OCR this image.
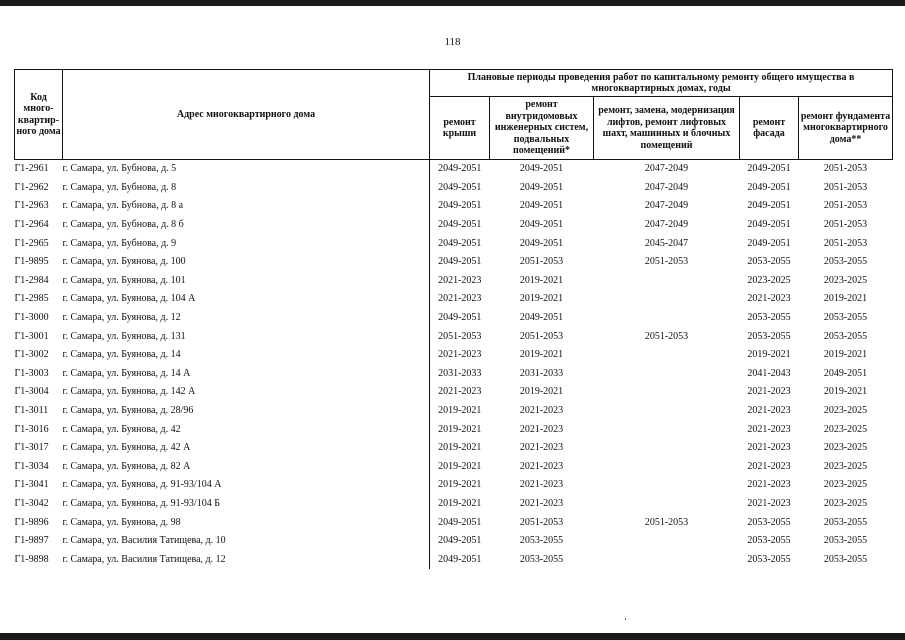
118
Код много-квартир-ного дома	Адрес многоквартирного дома	Плановые периоды проведения работ по капитальному ремонту общего имущества в многоквартирных домах, годы				
		ремонт крыши	ремонт внутридомовых инженерных систем, подвальных помещений*	ремонт, замена, модернизация лифтов, ремонт лифтовых шахт, машинных и блочных помещений	ремонт фасада	ремонт фундамента многоквартирного дома**
Г1-2961	г. Самара, ул. Бубнова, д. 5	2049-2051	2049-2051	2047-2049	2049-2051	2051-2053
Г1-2962	г. Самара, ул. Бубнова, д. 8	2049-2051	2049-2051	2047-2049	2049-2051	2051-2053
Г1-2963	г. Самара, ул. Бубнова, д. 8 а	2049-2051	2049-2051	2047-2049	2049-2051	2051-2053
Г1-2964	г. Самара, ул. Бубнова, д. 8 б	2049-2051	2049-2051	2047-2049	2049-2051	2051-2053
Г1-2965	г. Самара, ул. Бубнова, д. 9	2049-2051	2049-2051	2045-2047	2049-2051	2051-2053
Г1-9895	г. Самара, ул. Буянова, д. 100	2049-2051	2051-2053	2051-2053	2053-2055	2053-2055
Г1-2984	г. Самара, ул. Буянова, д. 101	2021-2023	2019-2021		2023-2025	2023-2025
Г1-2985	г. Самара, ул. Буянова, д. 104 А	2021-2023	2019-2021		2021-2023	2019-2021
Г1-3000	г. Самара, ул. Буянова, д. 12	2049-2051	2049-2051		2053-2055	2053-2055
Г1-3001	г. Самара, ул. Буянова, д. 131	2051-2053	2051-2053	2051-2053	2053-2055	2053-2055
Г1-3002	г. Самара, ул. Буянова, д. 14	2021-2023	2019-2021		2019-2021	2019-2021
Г1-3003	г. Самара, ул. Буянова, д. 14 А	2031-2033	2031-2033		2041-2043	2049-2051
Г1-3004	г. Самара, ул. Буянова, д. 142 А	2021-2023	2019-2021		2021-2023	2019-2021
Г1-3011	г. Самара, ул. Буянова, д. 28/96	2019-2021	2021-2023		2021-2023	2023-2025
Г1-3016	г. Самара, ул. Буянова, д. 42	2019-2021	2021-2023		2021-2023	2023-2025
Г1-3017	г. Самара, ул. Буянова, д. 42 А	2019-2021	2021-2023		2021-2023	2023-2025
Г1-3034	г. Самара, ул. Буянова, д. 82 А	2019-2021	2021-2023		2021-2023	2023-2025
Г1-3041	г. Самара, ул. Буянова, д. 91-93/104 А	2019-2021	2021-2023		2021-2023	2023-2025
Г1-3042	г. Самара, ул. Буянова, д. 91-93/104 Б	2019-2021	2021-2023		2021-2023	2023-2025
Г1-9896	г. Самара, ул. Буянова, д. 98	2049-2051	2051-2053	2051-2053	2053-2055	2053-2055
Г1-9897	г. Самара, ул. Василия Татищева, д. 10	2049-2051	2053-2055		2053-2055	2053-2055
Г1-9898	г. Самара, ул. Василия Татищева, д. 12	2049-2051	2053-2055		2053-2055	2053-2055
،
